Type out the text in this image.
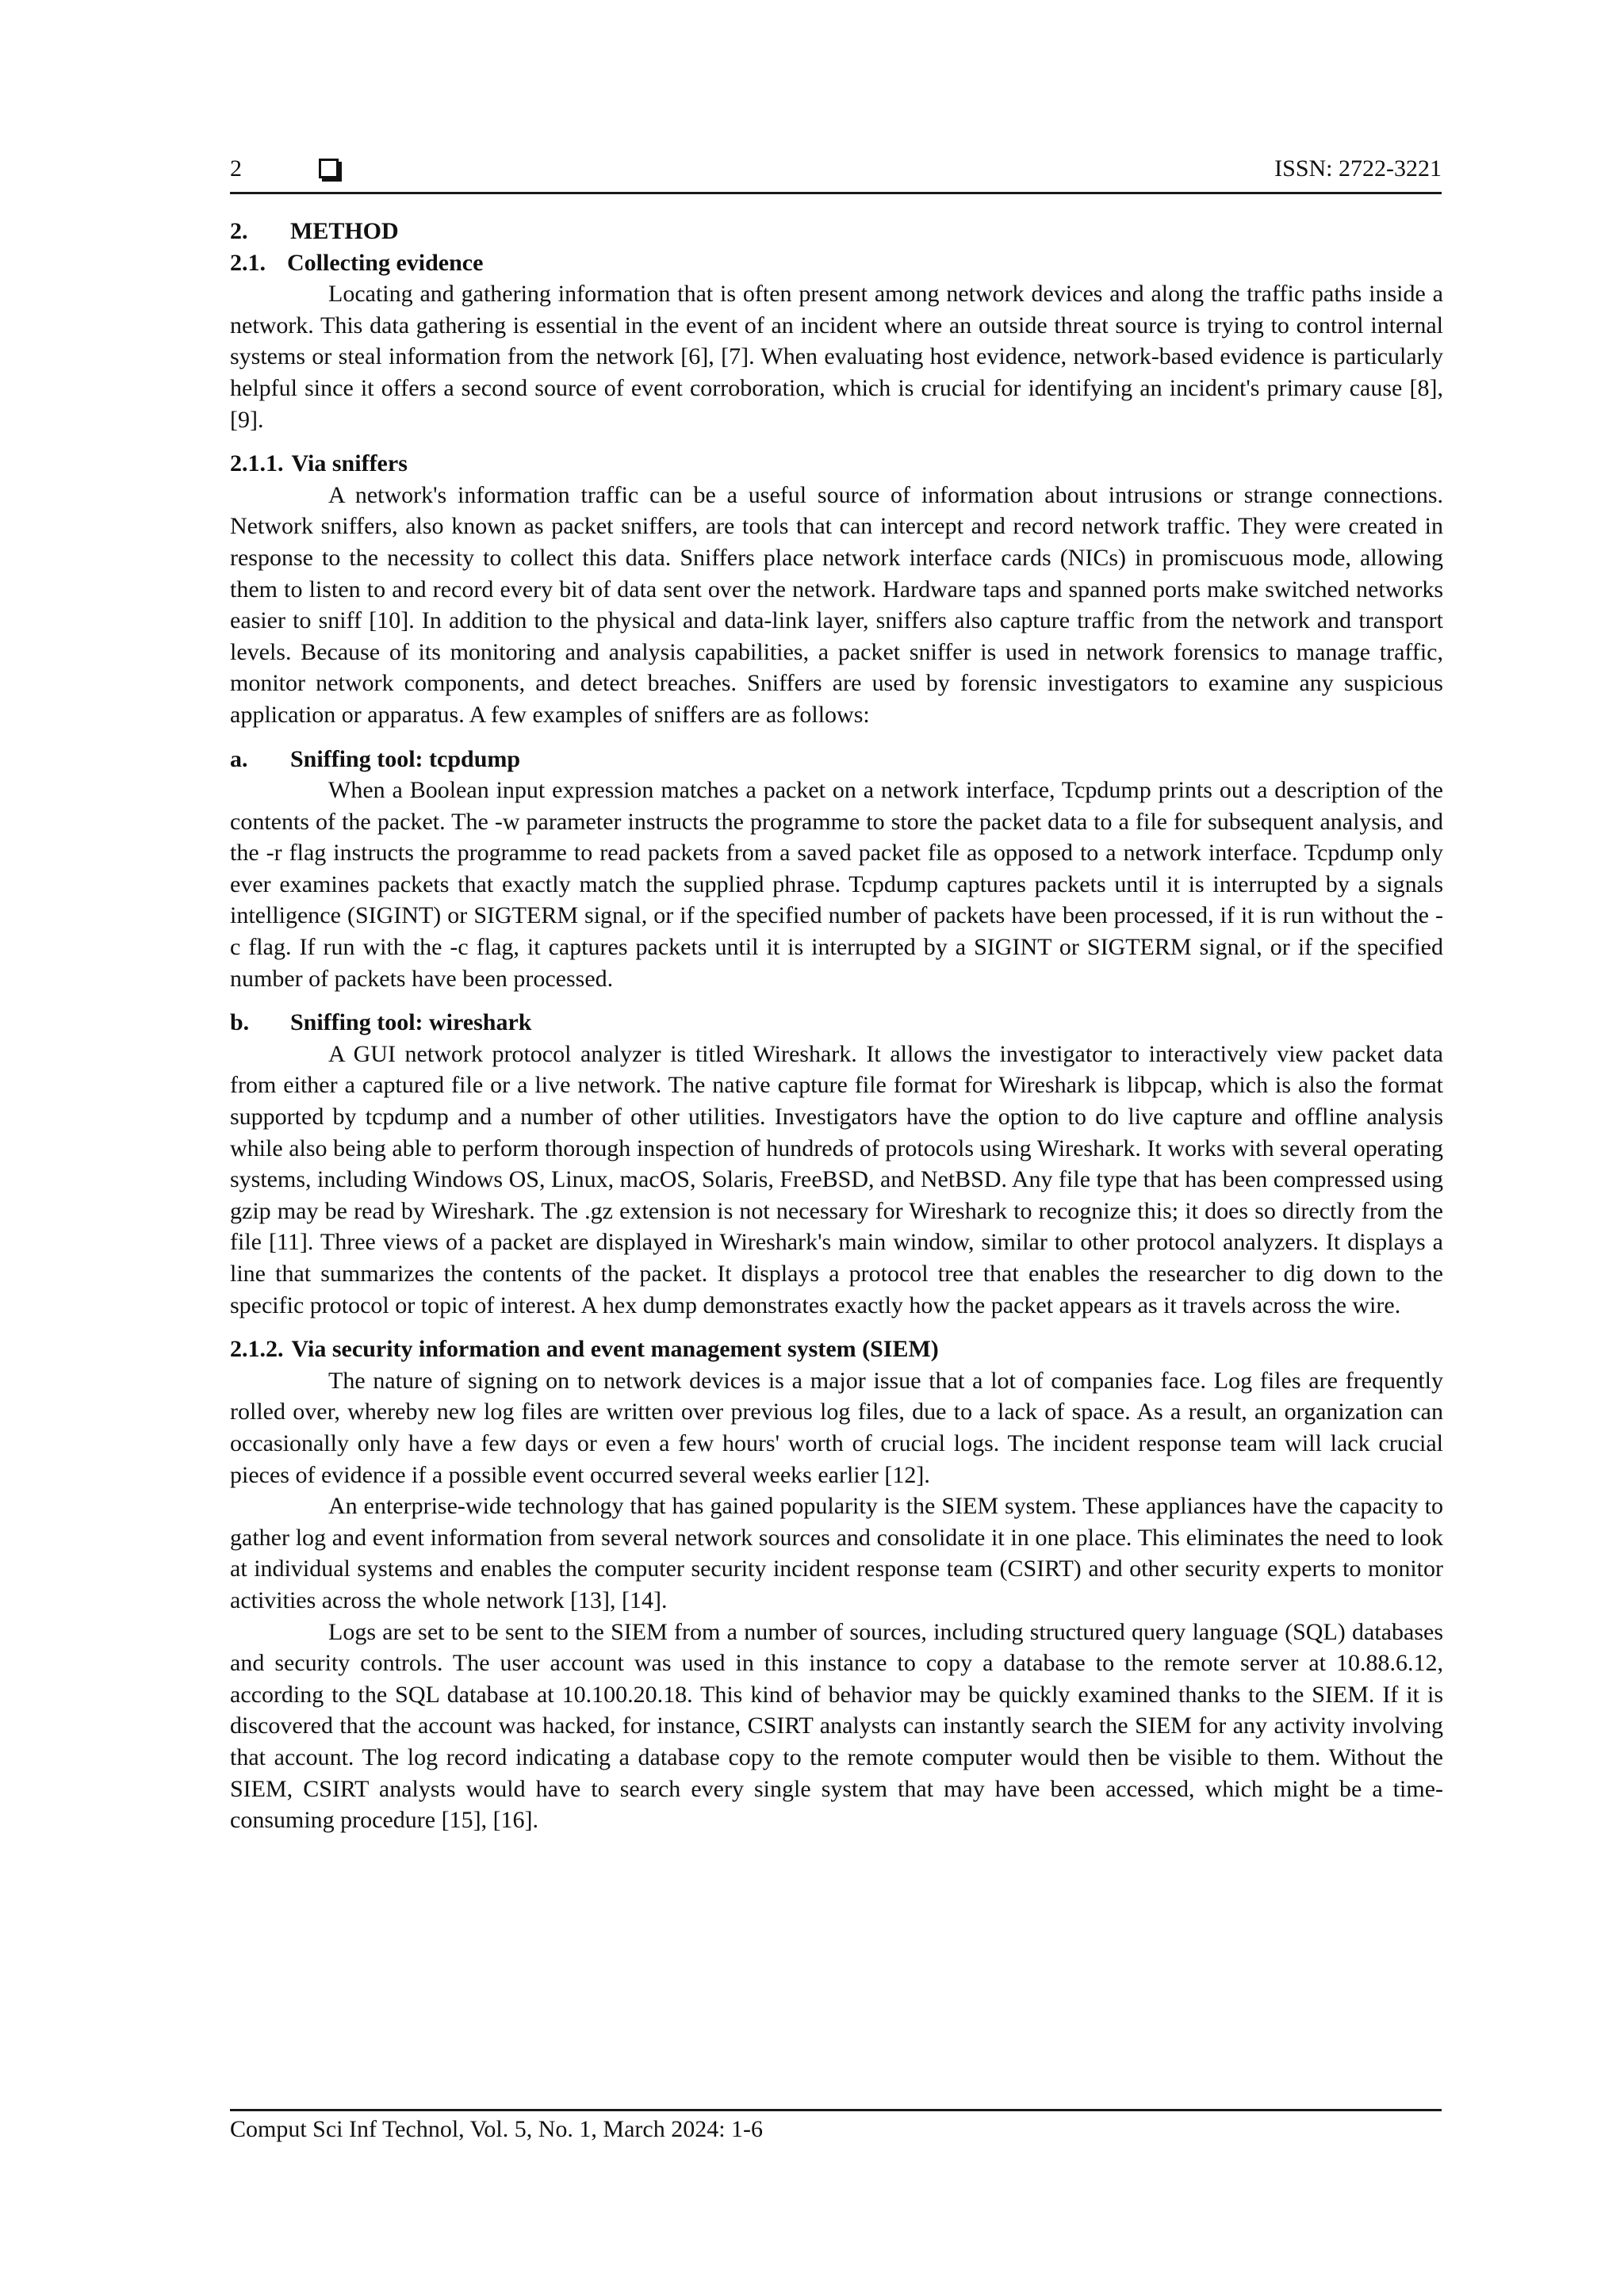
2	ISSN: 2722-3221
2. METHOD
2.1. Collecting evidence

Locating and gathering information that is often present among network devices and along the traffic paths inside a network. This data gathering is essential in the event of an incident where an outside threat source is trying to control internal systems or steal information from the network [6], [7]. When evaluating host evidence, network-based evidence is particularly helpful since it offers a second source of event corroboration, which is crucial for identifying an incident's primary cause [8], [9].

2.1.1. Via sniffers

A network's information traffic can be a useful source of information about intrusions or strange connections. Network sniffers, also known as packet sniffers, are tools that can intercept and record network traffic. They were created in response to the necessity to collect this data. Sniffers place network interface cards (NICs) in promiscuous mode, allowing them to listen to and record every bit of data sent over the network. Hardware taps and spanned ports make switched networks easier to sniff [10]. In addition to the physical and data-link layer, sniffers also capture traffic from the network and transport levels. Because of its monitoring and analysis capabilities, a packet sniffer is used in network forensics to manage traffic, monitor network components, and detect breaches. Sniffers are used by forensic investigators to examine any suspicious application or apparatus. A few examples of sniffers are as follows:

a. Sniffing tool: tcpdump

When a Boolean input expression matches a packet on a network interface, Tcpdump prints out a description of the contents of the packet. The -w parameter instructs the programme to store the packet data to a file for subsequent analysis, and the -r flag instructs the programme to read packets from a saved packet file as opposed to a network interface. Tcpdump only ever examines packets that exactly match the supplied phrase. Tcpdump captures packets until it is interrupted by a signals intelligence (SIGINT) or SIGTERM signal, or if the specified number of packets have been processed, if it is run without the -c flag. If run with the -c flag, it captures packets until it is interrupted by a SIGINT or SIGTERM signal, or if the specified number of packets have been processed.

b. Sniffing tool: wireshark

A GUI network protocol analyzer is titled Wireshark. It allows the investigator to interactively view packet data from either a captured file or a live network. The native capture file format for Wireshark is libpcap, which is also the format supported by tcpdump and a number of other utilities. Investigators have the option to do live capture and offline analysis while also being able to perform thorough inspection of hundreds of protocols using Wireshark. It works with several operating systems, including Windows OS, Linux, macOS, Solaris, FreeBSD, and NetBSD. Any file type that has been compressed using gzip may be read by Wireshark. The .gz extension is not necessary for Wireshark to recognize this; it does so directly from the file [11]. Three views of a packet are displayed in Wireshark's main window, similar to other protocol analyzers. It displays a line that summarizes the contents of the packet. It displays a protocol tree that enables the researcher to dig down to the specific protocol or topic of interest. A hex dump demonstrates exactly how the packet appears as it travels across the wire.

2.1.2. Via security information and event management system (SIEM)

The nature of signing on to network devices is a major issue that a lot of companies face. Log files are frequently rolled over, whereby new log files are written over previous log files, due to a lack of space. As a result, an organization can occasionally only have a few days or even a few hours' worth of crucial logs. The incident response team will lack crucial pieces of evidence if a possible event occurred several weeks earlier [12].

An enterprise-wide technology that has gained popularity is the SIEM system. These appliances have the capacity to gather log and event information from several network sources and consolidate it in one place. This eliminates the need to look at individual systems and enables the computer security incident response team (CSIRT) and other security experts to monitor activities across the whole network [13], [14].

Logs are set to be sent to the SIEM from a number of sources, including structured query language (SQL) databases and security controls. The user account was used in this instance to copy a database to the remote server at 10.88.6.12, according to the SQL database at 10.100.20.18. This kind of behavior may be quickly examined thanks to the SIEM. If it is discovered that the account was hacked, for instance, CSIRT analysts can instantly search the SIEM for any activity involving that account. The log record indicating a database copy to the remote computer would then be visible to them. Without the SIEM, CSIRT analysts would have to search every single system that may have been accessed, which might be a time-consuming procedure [15], [16].

Comput Sci Inf Technol, Vol. 5, No. 1, March 2024: 1-6
